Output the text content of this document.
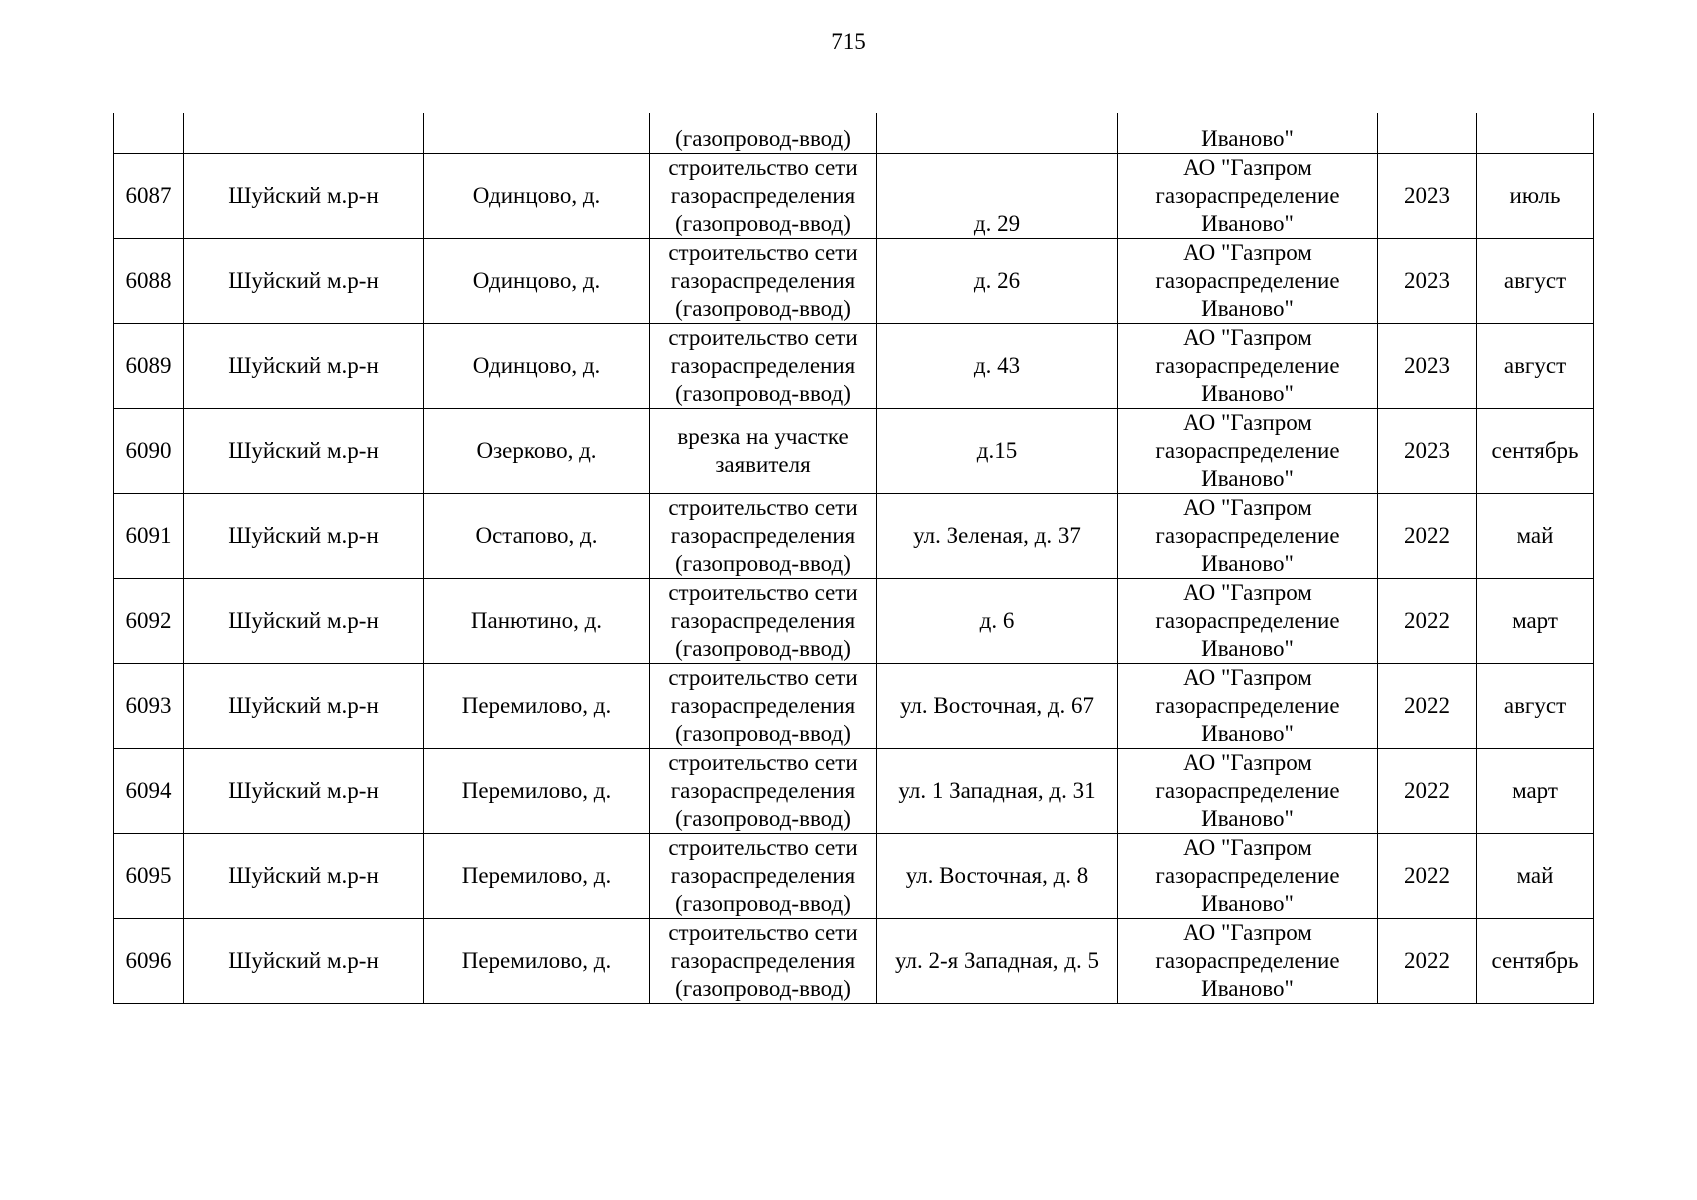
715

			(газопровод-ввод)		Иваново"		

6087	Шуйский м.р-н	Одинцово, д.	строительство сети
газораспределения
(газопровод-ввод)	д. 29	АО "Газпром
газораспределение
Иваново"	2023	июль

6088	Шуйский м.р-н	Одинцово, д.	строительство сети
газораспределения
(газопровод-ввод)	д. 26	АО "Газпром
газораспределение
Иваново"	2023	август

6089	Шуйский м.р-н	Одинцово, д.	строительство сети
газораспределения
(газопровод-ввод)	д. 43	АО "Газпром
газораспределение
Иваново"	2023	август

6090	Шуйский м.р-н	Озерково, д.	врезка на участке
заявителя	д.15	АО "Газпром
газораспределение
Иваново"	2023	сентябрь

6091	Шуйский м.р-н	Остапово, д.	строительство сети
газораспределения
(газопровод-ввод)	ул. Зеленая, д. 37	АО "Газпром
газораспределение
Иваново"	2022	май

6092	Шуйский м.р-н	Панютино, д.	строительство сети
газораспределения
(газопровод-ввод)	д. 6	АО "Газпром
газораспределение
Иваново"	2022	март

6093	Шуйский м.р-н	Перемилово, д.	строительство сети
газораспределения
(газопровод-ввод)	ул. Восточная, д. 67	АО "Газпром
газораспределение
Иваново"	2022	август

6094	Шуйский м.р-н	Перемилово, д.	строительство сети
газораспределения
(газопровод-ввод)	ул. 1 Западная, д. 31	АО "Газпром
газораспределение
Иваново"	2022	март

6095	Шуйский м.р-н	Перемилово, д.	строительство сети
газораспределения
(газопровод-ввод)	ул. Восточная, д. 8	АО "Газпром
газораспределение
Иваново"	2022	май

6096	Шуйский м.р-н	Перемилово, д.	строительство сети
газораспределения
(газопровод-ввод)	ул. 2-я Западная, д. 5	АО "Газпром
газораспределение
Иваново"	2022	сентябрь
